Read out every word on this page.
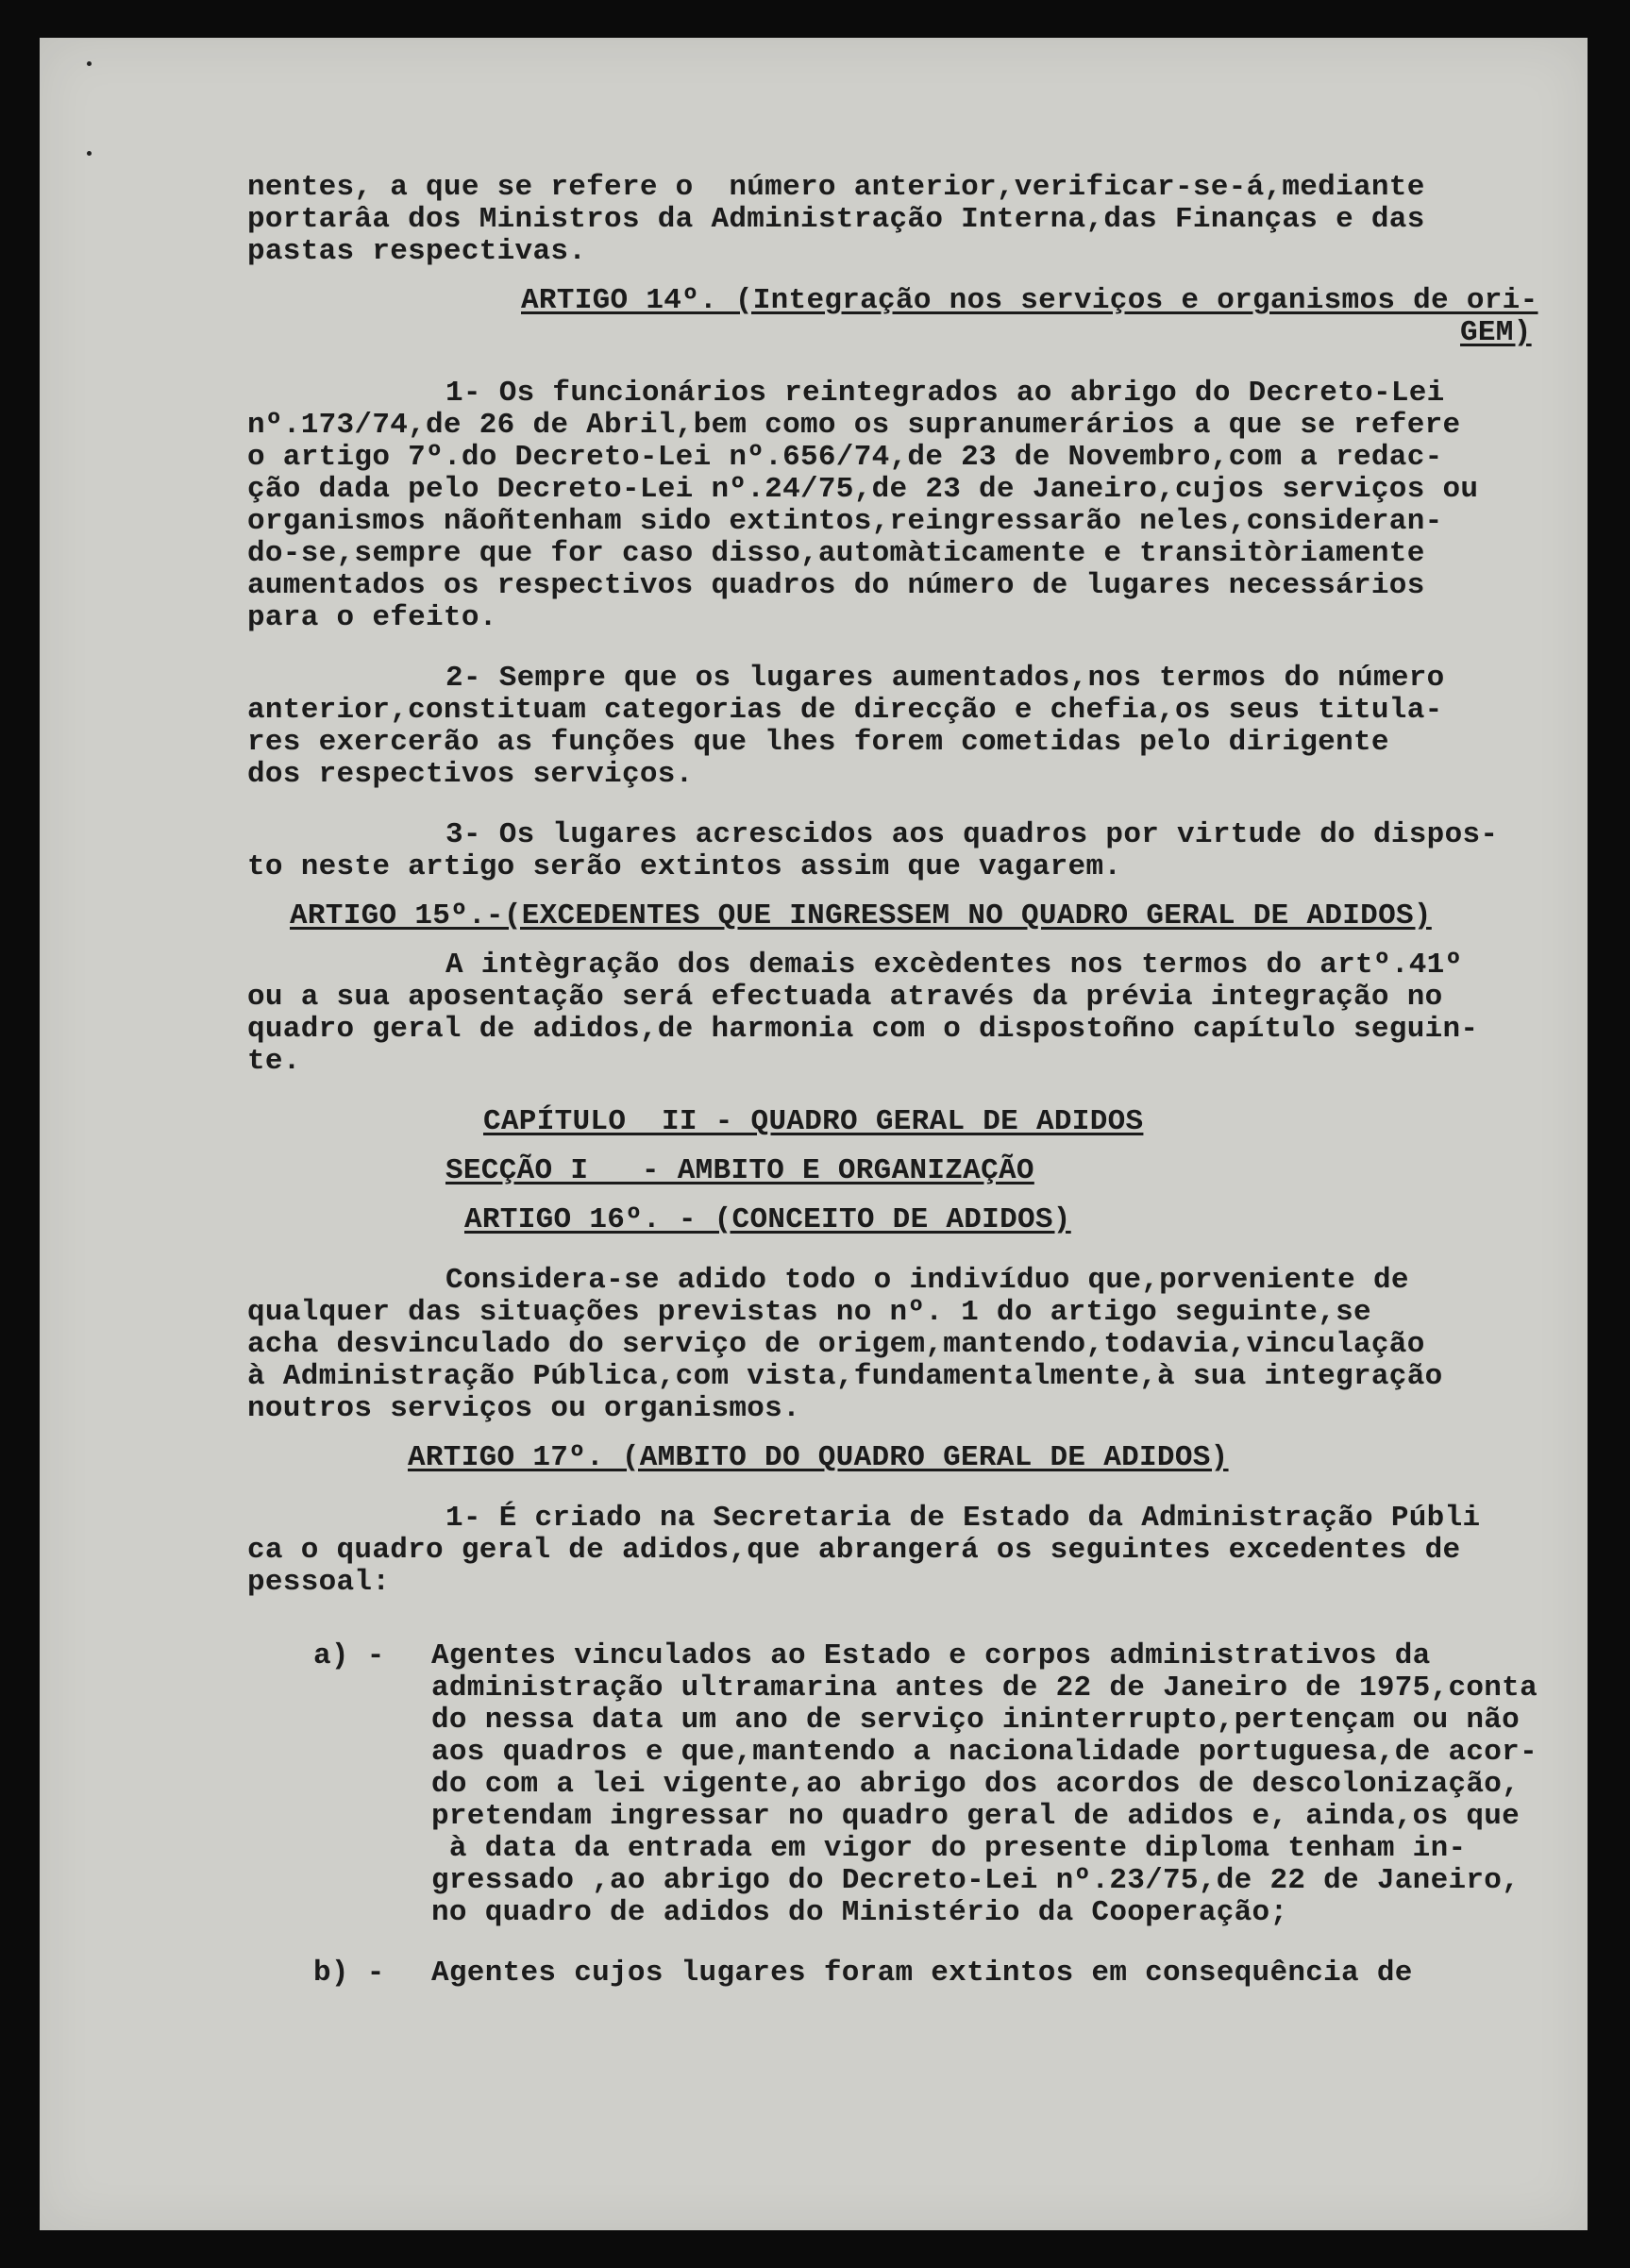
nentes, a que se refere o  número anterior,verificar-se-á,mediante
portarâa dos Ministros da Administração Interna,das Finanças e das
pastas respectivas.
ARTIGO 14º. (Integração nos serviços e organismos de ori-
GEM)
1- Os funcionários reintegrados ao abrigo do Decreto-Lei
nº.173/74,de 26 de Abril,bem como os supranumerários a que se refere
o artigo 7º.do Decreto-Lei nº.656/74,de 23 de Novembro,com a redac-
ção dada pelo Decreto-Lei nº.24/75,de 23 de Janeiro,cujos serviços ou
organismos nãoñtenham sido extintos,reingressarão neles,consideran-
do-se,sempre que for caso disso,automàticamente e transitòriamente
aumentados os respectivos quadros do número de lugares necessários
para o efeito.
2- Sempre que os lugares aumentados,nos termos do número
anterior,constituam categorias de direcção e chefia,os seus titula-
res exercerão as funções que lhes forem cometidas pelo dirigente
dos respectivos serviços.
3- Os lugares acrescidos aos quadros por virtude do dispos-
to neste artigo serão extintos assim que vagarem.
ARTIGO 15º.-(EXCEDENTES QUE INGRESSEM NO QUADRO GERAL DE ADIDOS)
A intègração dos demais excèdentes nos termos do artº.41º
ou a sua aposentação será efectuada através da prévia integração no
quadro geral de adidos,de harmonia com o dispostoñno capítulo seguin-
te.
CAPÍTULO  II - QUADRO GERAL DE ADIDOS
SECÇÃO I   - AMBITO E ORGANIZAÇÃO
ARTIGO 16º. - (CONCEITO DE ADIDOS)
Considera-se adido todo o indivíduo que,porveniente de
qualquer das situações previstas no nº. 1 do artigo seguinte,se
acha desvinculado do serviço de origem,mantendo,todavia,vinculação
à Administração Pública,com vista,fundamentalmente,à sua integração
noutros serviços ou organismos.
ARTIGO 17º. (AMBITO DO QUADRO GERAL DE ADIDOS)
1- É criado na Secretaria de Estado da Administração Públi
ca o quadro geral de adidos,que abrangerá os seguintes excedentes de
pessoal:
a) - Agentes vinculados ao Estado e corpos administrativos da
administração ultramarina antes de 22 de Janeiro de 1975,conta
do nessa data um ano de serviço ininterrupto,pertençam ou não
aos quadros e que,mantendo a nacionalidade portuguesa,de acor-
do com a lei vigente,ao abrigo dos acordos de descolonização,
pretendam ingressar no quadro geral de adidos e, ainda,os que
à data da entrada em vigor do presente diploma tenham in-
gressado ,ao abrigo do Decreto-Lei nº.23/75,de 22 de Janeiro,
no quadro de adidos do Ministério da Cooperação;
b) - Agentes cujos lugares foram extintos em consequência de
